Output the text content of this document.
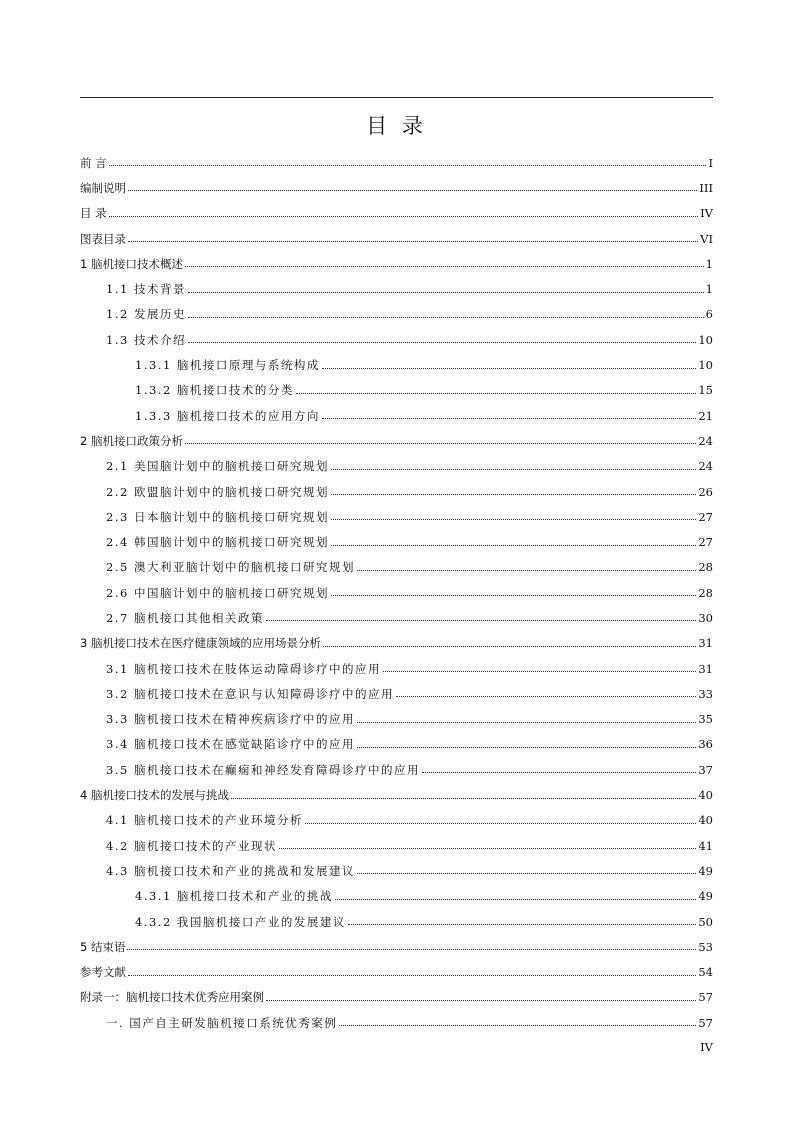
目 录
前 言	I
编制说明	III
目 录	IV
图表目录	VI
1 脑机接口技术概述	1
1.1 技术背景	1
1.2 发展历史	6
1.3 技术介绍	10
1.3.1 脑机接口原理与系统构成	10
1.3.2 脑机接口技术的分类	15
1.3.3 脑机接口技术的应用方向	21
2 脑机接口政策分析	24
2.1 美国脑计划中的脑机接口研究规划	24
2.2 欧盟脑计划中的脑机接口研究规划	26
2.3 日本脑计划中的脑机接口研究规划	27
2.4 韩国脑计划中的脑机接口研究规划	27
2.5 澳大利亚脑计划中的脑机接口研究规划	28
2.6 中国脑计划中的脑机接口研究规划	28
2.7 脑机接口其他相关政策	30
3 脑机接口技术在医疗健康领域的应用场景分析	31
3.1 脑机接口技术在肢体运动障碍诊疗中的应用	31
3.2 脑机接口技术在意识与认知障碍诊疗中的应用	33
3.3 脑机接口技术在精神疾病诊疗中的应用	35
3.4 脑机接口技术在感觉缺陷诊疗中的应用	36
3.5 脑机接口技术在癫痫和神经发育障碍诊疗中的应用	37
4 脑机接口技术的发展与挑战	40
4.1 脑机接口技术的产业环境分析	40
4.2 脑机接口技术的产业现状	41
4.3 脑机接口技术和产业的挑战和发展建议	49
4.3.1 脑机接口技术和产业的挑战	49
4.3.2 我国脑机接口产业的发展建议	50
5 结束语	53
参考文献	54
附录一：脑机接口技术优秀应用案例	57
一. 国产自主研发脑机接口系统优秀案例	57
IV
